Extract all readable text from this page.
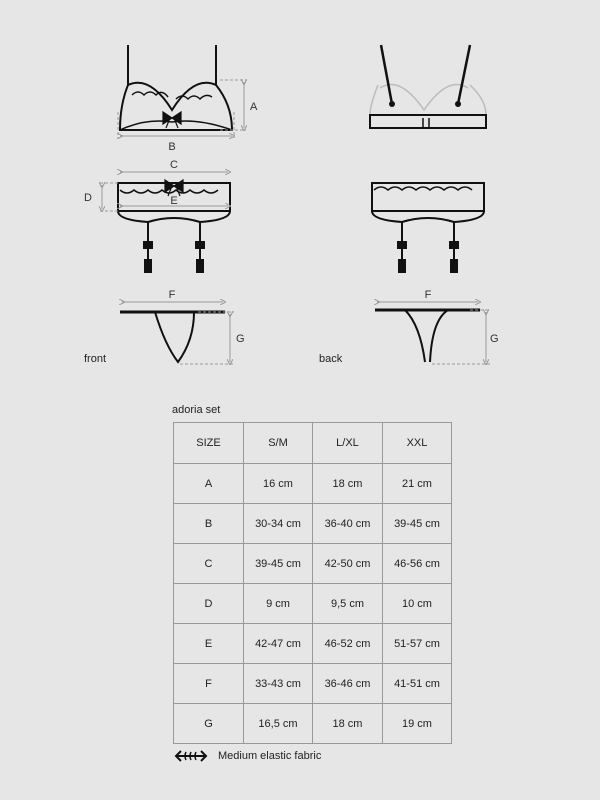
A
B
C
E
D
F
G
F
G
front	back
adoria set
SIZE	S/M	L/XL	XXL
A	16 cm	18 cm	21 cm
B	30-34 cm	36-40 cm	39-45 cm
C	39-45 cm	42-50 cm	46-56 cm
D	9 cm	9,5 cm	10 cm
E	42-47 cm	46-52 cm	51-57 cm
F	33-43 cm	36-46 cm	41-51 cm
G	16,5 cm	18 cm	19 cm
Medium elastic fabric
